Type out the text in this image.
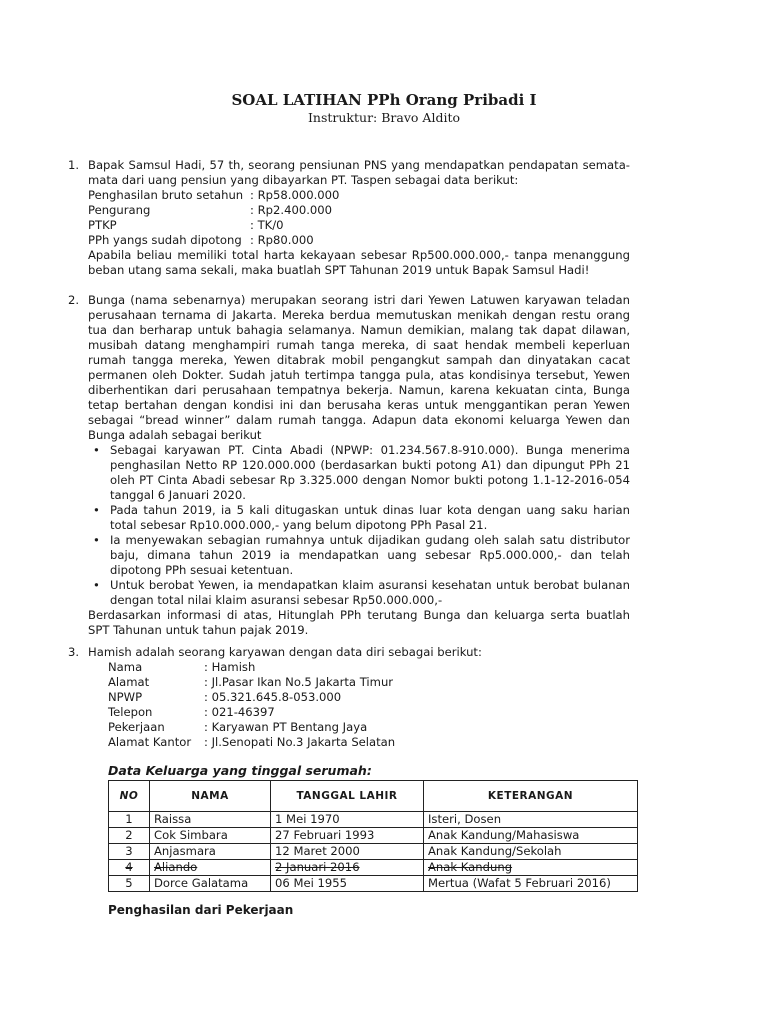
SOAL LATIHAN PPh Orang Pribadi I
Instruktur: Bravo Aldito
1. Bapak Samsul Hadi, 57 th, seorang pensiunan PNS yang mendapatkan pendapatan semata-mata dari uang pensiun yang dibayarkan PT. Taspen sebagai data berikut:
Penghasilan bruto setahun : Rp58.000.000
Pengurang	: Rp2.400.000
PTKP	: TK/0
PPh yangs sudah dipotong : Rp80.000
Apabila beliau memiliki total harta kekayaan sebesar Rp500.000.000,- tanpa menanggung beban utang sama sekali, maka buatlah SPT Tahunan 2019 untuk Bapak Samsul Hadi!
2. Bunga (nama sebenarnya) merupakan seorang istri dari Yewen Latuwen karyawan teladan perusahaan ternama di Jakarta. Mereka berdua memutuskan menikah dengan restu orang tua dan berharap untuk bahagia selamanya. Namun demikian, malang tak dapat dilawan, musibah datang menghampiri rumah tanga mereka, di saat hendak membeli keperluan rumah tangga mereka, Yewen ditabrak mobil pengangkut sampah dan dinyatakan cacat permanen oleh Dokter. Sudah jatuh tertimpa tangga pula, atas kondisinya tersebut, Yewen diberhentikan dari perusahaan tempatnya bekerja. Namun, karena kekuatan cinta, Bunga tetap bertahan dengan kondisi ini dan berusaha keras untuk menggantikan peran Yewen sebagai “bread winner” dalam rumah tangga. Adapun data ekonomi keluarga Yewen dan Bunga adalah sebagai berikut
• Sebagai karyawan PT. Cinta Abadi (NPWP: 01.234.567.8-910.000). Bunga menerima penghasilan Netto RP 120.000.000 (berdasarkan bukti potong A1) dan dipungut PPh 21 oleh PT Cinta Abadi sebesar Rp 3.325.000 dengan Nomor bukti potong 1.1-12-2016-054 tanggal 6 Januari 2020.
• Pada tahun 2019, ia 5 kali ditugaskan untuk dinas luar kota dengan uang saku harian total sebesar Rp10.000.000,- yang belum dipotong PPh Pasal 21.
• Ia menyewakan sebagian rumahnya untuk dijadikan gudang oleh salah satu distributor baju, dimana tahun 2019 ia mendapatkan uang sebesar Rp5.000.000,- dan telah dipotong PPh sesuai ketentuan.
• Untuk berobat Yewen, ia mendapatkan klaim asuransi kesehatan untuk berobat bulanan dengan total nilai klaim asuransi sebesar Rp50.000.000,-
Berdasarkan informasi di atas, Hitunglah PPh terutang Bunga dan keluarga serta buatlah SPT Tahunan untuk tahun pajak 2019.
3. Hamish adalah seorang karyawan dengan data diri sebagai berikut:
Nama	: Hamish
Alamat	: Jl.Pasar Ikan No.5 Jakarta Timur
NPWP	: 05.321.645.8-053.000
Telepon	: 021-46397
Pekerjaan	: Karyawan PT Bentang Jaya
Alamat Kantor	: Jl.Senopati No.3 Jakarta Selatan
Data Keluarga yang tinggal serumah:
NO	NAMA	TANGGAL LAHIR	KETERANGAN
1	Raissa	1 Mei 1970	Isteri, Dosen
2	Cok Simbara	27 Februari 1993	Anak Kandung/Mahasiswa
3	Anjasmara	12 Maret 2000	Anak Kandung/Sekolah
4	Aliando	2 Januari 2016	Anak Kandung
5	Dorce Galatama	06 Mei 1955	Mertua (Wafat 5 Februari 2016)
Penghasilan dari Pekerjaan
